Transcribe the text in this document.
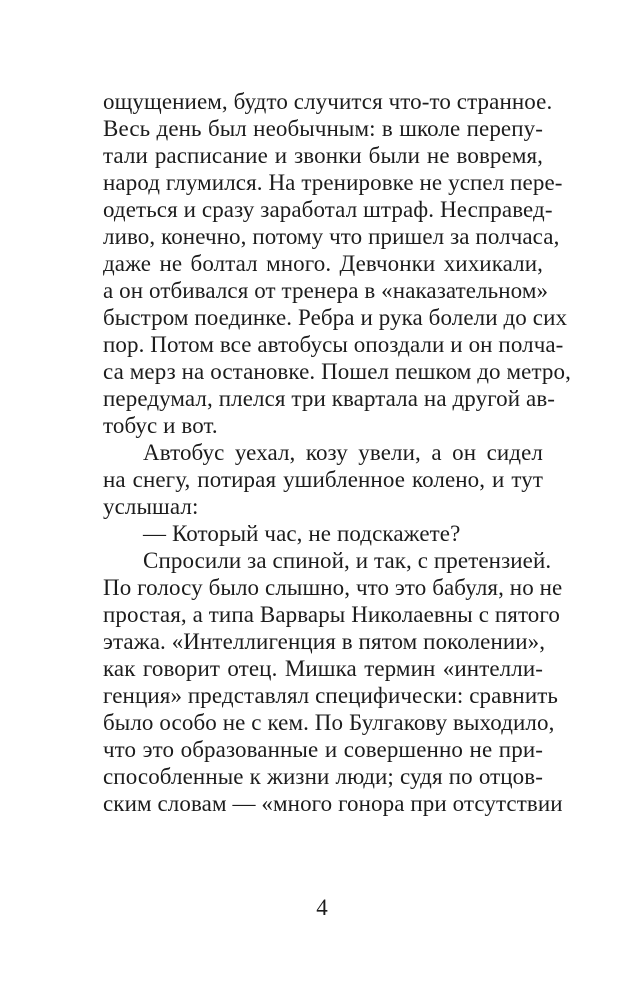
ощущением, будто случится что-то странное.
Весь день был необычным: в школе перепу-
тали расписание и звонки были не вовремя,
народ глумился. На тренировке не успел пере-
одеться и сразу заработал штраф. Несправед-
ливо, конечно, потому что пришел за полчаса,
даже не болтал много. Девчонки хихикали,
а он отбивался от тренера в «наказательном»
быстром поединке. Ребра и рука болели до сих
пор. Потом все автобусы опоздали и он полча-
са мерз на остановке. Пошел пешком до метро,
передумал, плелся три квартала на другой ав-
тобус и вот.
Автобус уехал, козу увели, а он сидел
на снегу, потирая ушибленное колено, и тут
услышал:
— Который час, не подскажете?
Спросили за спиной, и так, с претензией.
По голосу было слышно, что это бабуля, но не
простая, а типа Варвары Николаевны с пятого
этажа. «Интеллигенция в пятом поколении»,
как говорит отец. Мишка термин «интелли-
генция» представлял специфически: сравнить
было особо не с кем. По Булгакову выходило,
что это образованные и совершенно не при-
способленные к жизни люди; судя по отцов-
ским словам — «много гонора при отсутствии
4
